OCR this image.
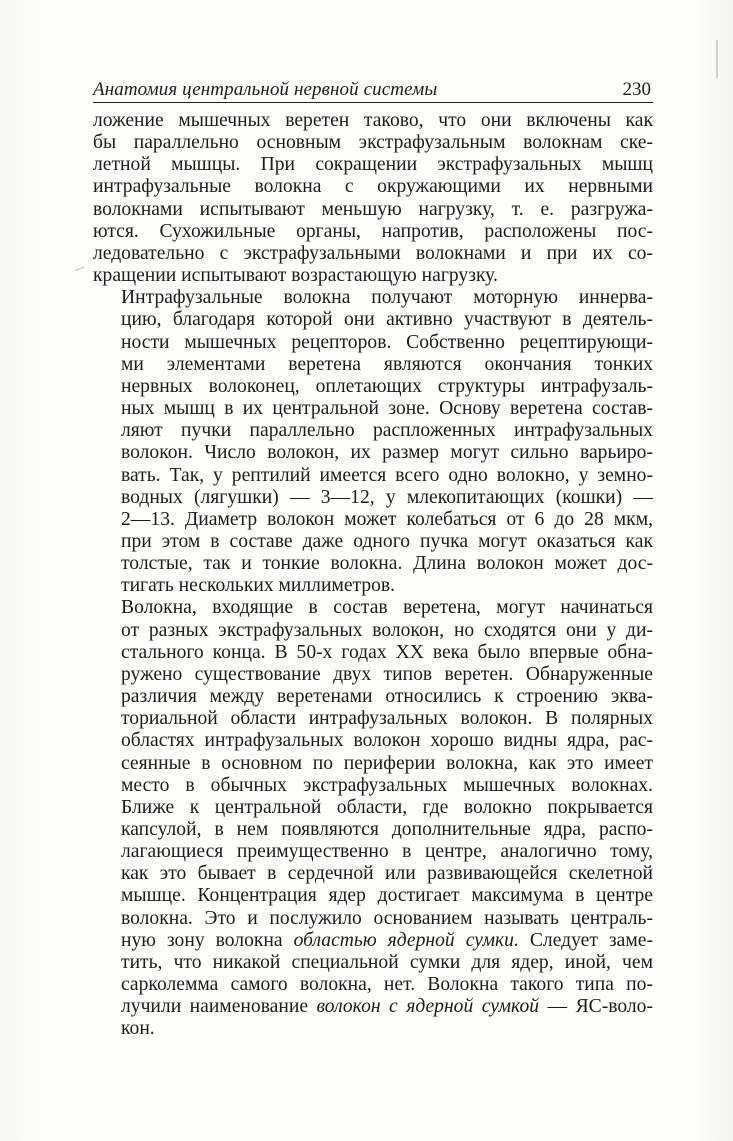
Анатомия центральной нервной системы	230

ложение мышечных веретен таково, что они включены как
бы параллельно основным экстрафузальным волокнам ске-
летной мышцы. При сокращении экстрафузальных мышц
интрафузальные волокна с окружающими их нервными
волокнами испытывают меньшую нагрузку, т. е. разгружа-
ются. Сухожильные органы, напротив, расположены пос-
ледовательно с экстрафузальными волокнами и при их со-
кращении испытывают возрастающую нагрузку.

Интрафузальные волокна получают моторную иннерва-
цию, благодаря которой они активно участвуют в деятель-
ности мышечных рецепторов. Собственно рецептирующи-
ми элементами веретена являются окончания тонких
нервных волоконец, оплетающих структуры интрафузаль-
ных мышц в их центральной зоне. Основу веретена состав-
ляют пучки параллельно распложенных интрафузальных
волокон. Число волокон, их размер могут сильно варьиро-
вать. Так, у рептилий имеется всего одно волокно, у земно-
водных (лягушки) — 3—12, у млекопитающих (кошки) —
2—13. Диаметр волокон может колебаться от 6 до 28 мкм,
при этом в составе даже одного пучка могут оказаться как
толстые, так и тонкие волокна. Длина волокон может дос-
тигать нескольких миллиметров.

Волокна, входящие в состав веретена, могут начинаться
от разных экстрафузальных волокон, но сходятся они у ди-
стального конца. В 50-х годах XX века было впервые обна-
ружено существование двух типов веретен. Обнаруженные
различия между веретенами относились к строению эква-
ториальной области интрафузальных волокон. В полярных
областях интрафузальных волокон хорошо видны ядра, рас-
сеянные в основном по периферии волокна, как это имеет
место в обычных экстрафузальных мышечных волокнах.
Ближе к центральной области, где волокно покрывается
капсулой, в нем появляются дополнительные ядра, распо-
лагающиеся преимущественно в центре, аналогично тому,
как это бывает в сердечной или развивающейся скелетной
мышце. Концентрация ядер достигает максимума в центре
волокна. Это и послужило основанием называть централь-
ную зону волокна областью ядерной сумки. Следует заме-
тить, что никакой специальной сумки для ядер, иной, чем
сарколемма самого волокна, нет. Волокна такого типа по-
лучили наименование волокон с ядерной сумкой — ЯС-воло-
кон.
